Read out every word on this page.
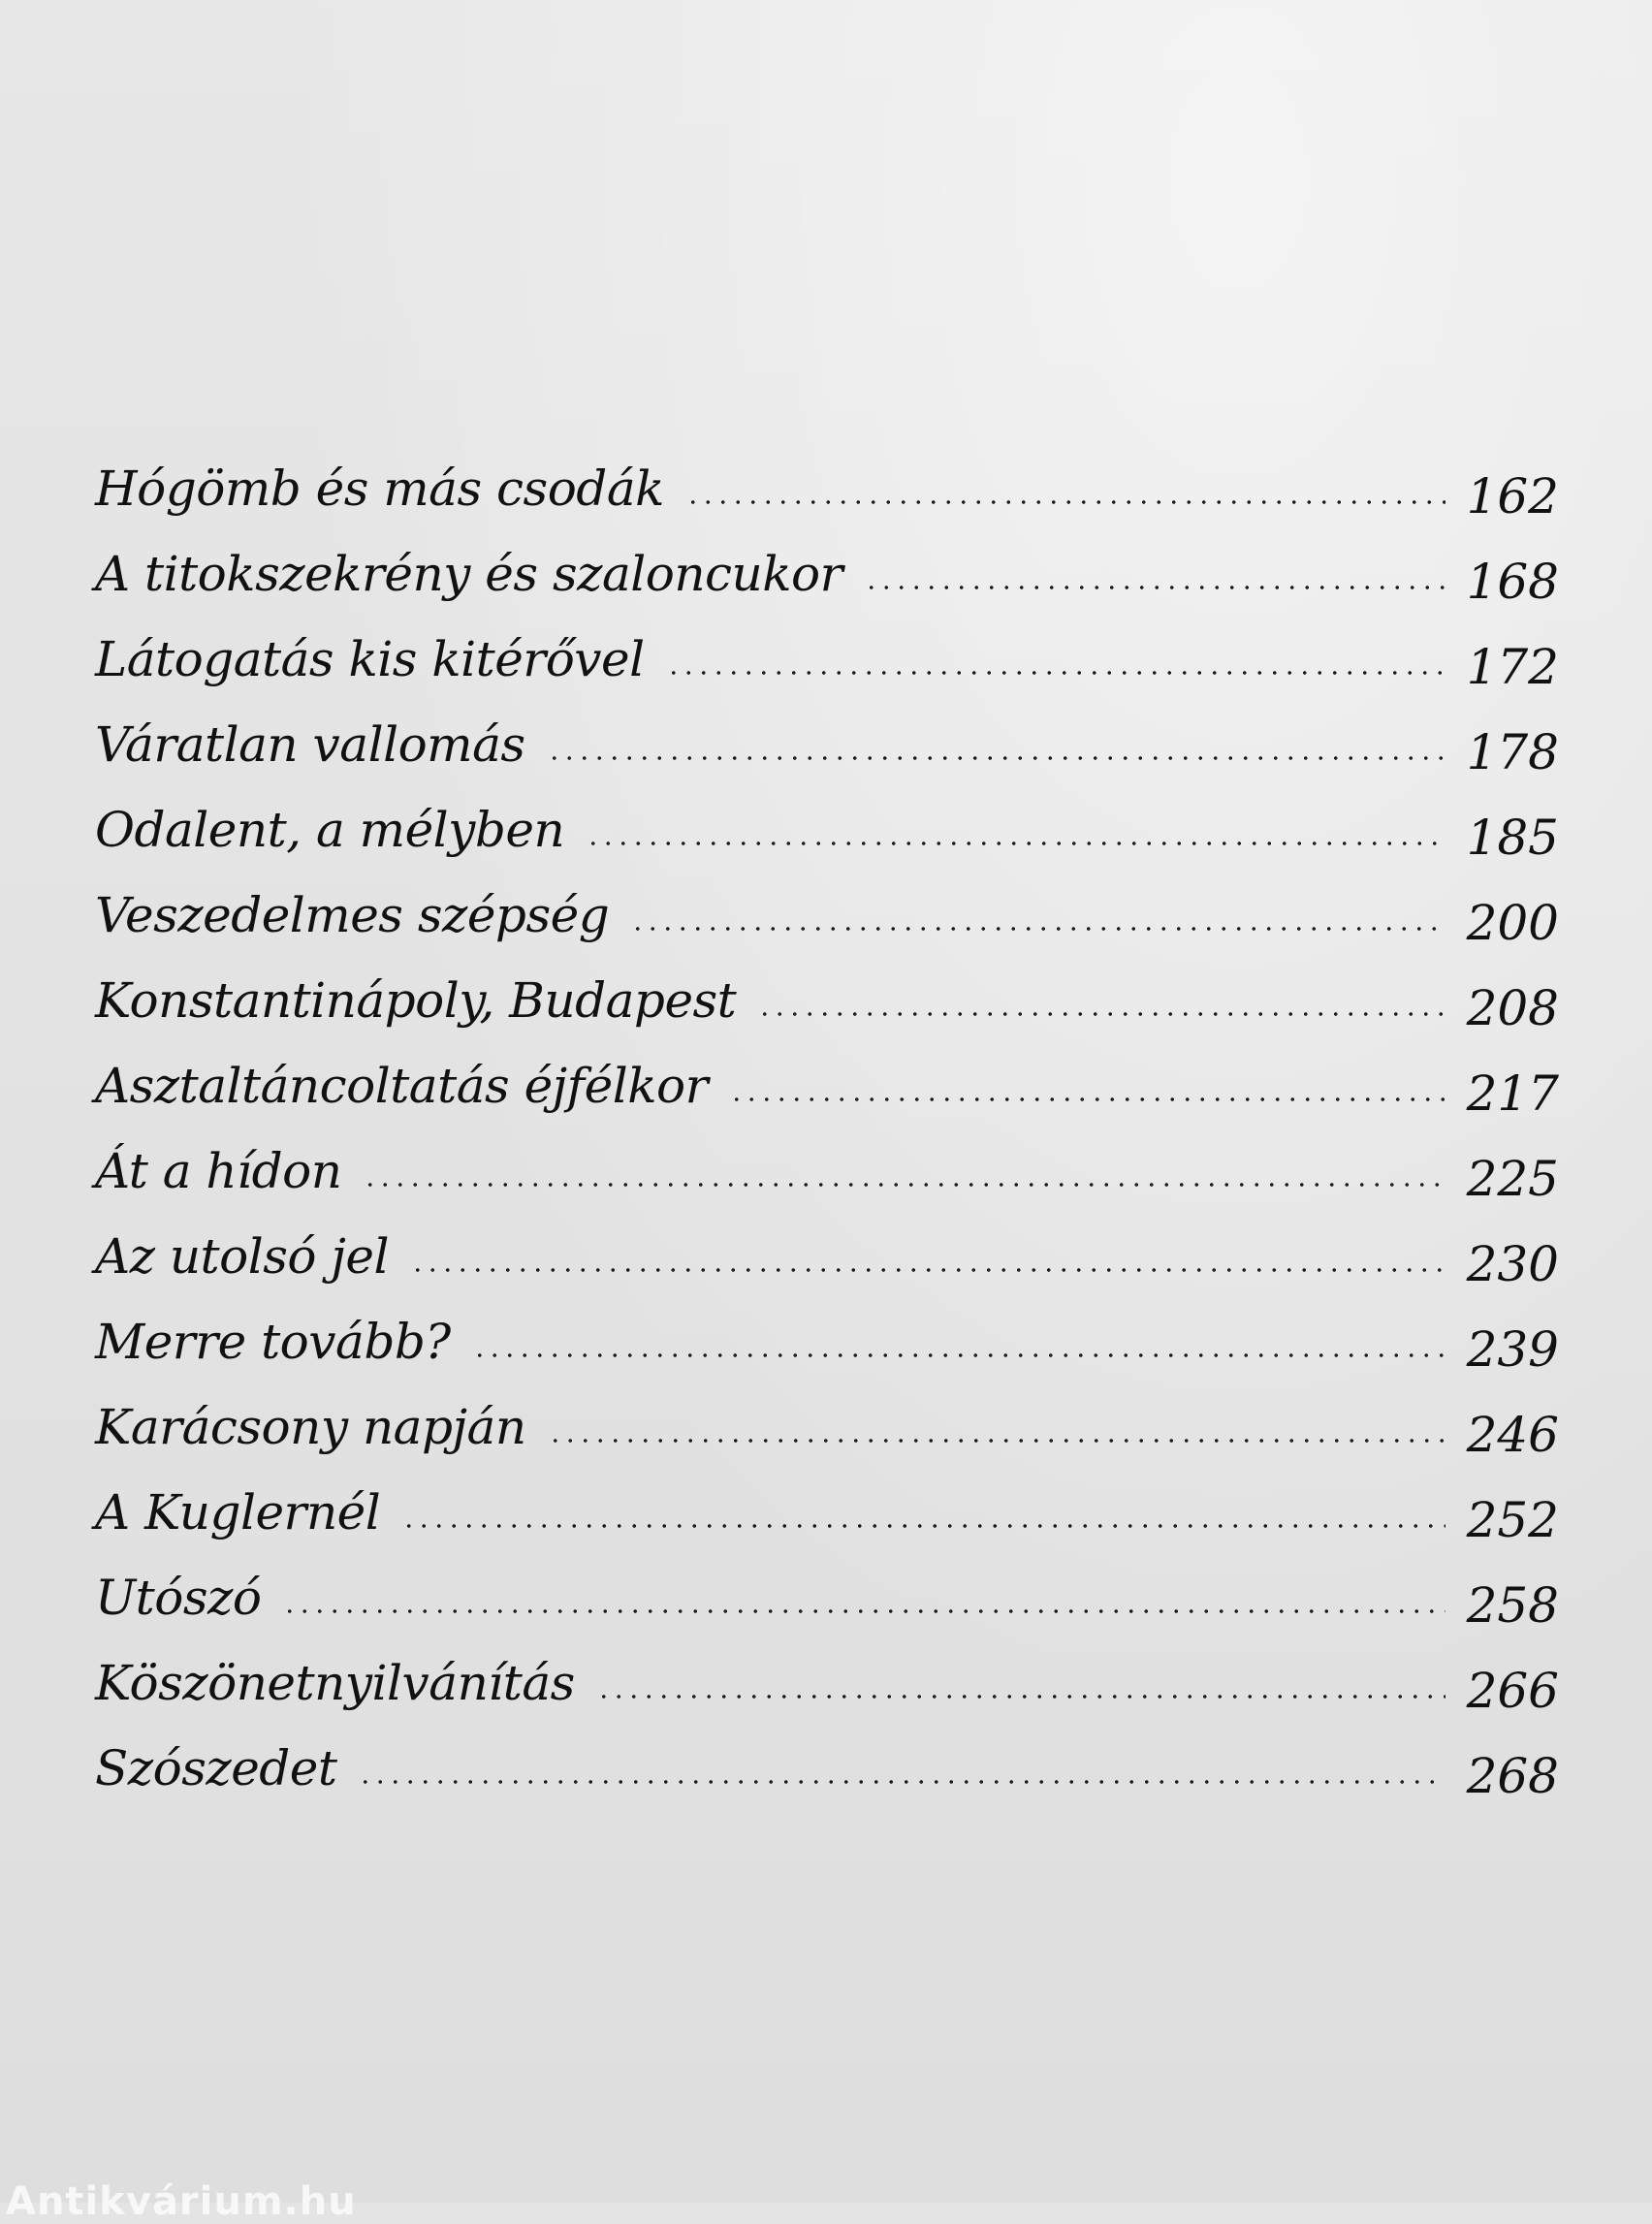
Hógömb és más csodák	162
A titokszekrény és szaloncukor	168
Látogatás kis kitérővel	172
Váratlan vallomás	178
Odalent, a mélyben	185
Veszedelmes szépség	200
Konstantinápoly, Budapest	208
Asztaltáncoltatás éjfélkor	217
Át a hídon	225
Az utolsó jel	230
Merre tovább?	239
Karácsony napján	246
A Kuglernél	252
Utószó	258
Köszönetnyilvánítás	266
Szószedet	268
Antikvárium.hu
